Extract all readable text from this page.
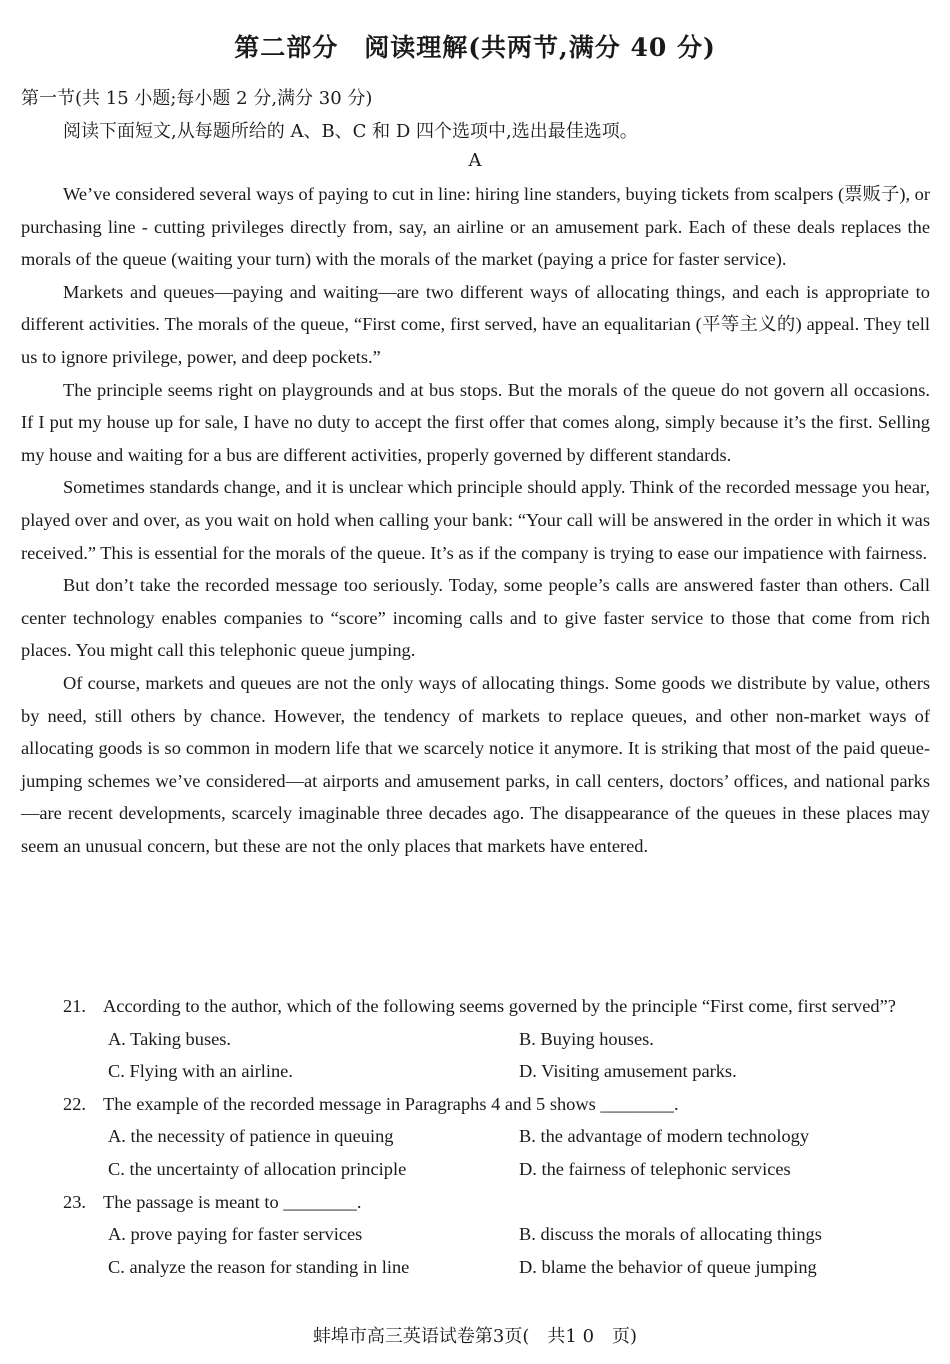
第二部分　阅读理解(共两节,满分 40 分)
第一节(共 15 小题;每小题 2 分,满分 30 分)
阅读下面短文,从每题所给的 A、B、C 和 D 四个选项中,选出最佳选项。
A

We’ve considered several ways of paying to cut in line: hiring line standers, buying tickets from scalpers (票贩子), or purchasing line - cutting privileges directly from, say, an airline or an amusement park. Each of these deals replaces the morals of the queue (waiting your turn) with the morals of the market (paying a price for faster service).

Markets and queues—paying and waiting—are two different ways of allocating things, and each is appropriate to different activities. The morals of the queue, “First come, first served, have an equalitarian (平等主义的) appeal. They tell us to ignore privilege, power, and deep pockets.”

The principle seems right on playgrounds and at bus stops. But the morals of the queue do not govern all occasions. If I put my house up for sale, I have no duty to accept the first offer that comes along, simply because it’s the first. Selling my house and waiting for a bus are different activities, properly governed by different standards.

Sometimes standards change, and it is unclear which principle should apply. Think of the recorded message you hear, played over and over, as you wait on hold when calling your bank: “Your call will be answered in the order in which it was received.” This is essential for the morals of the queue. It’s as if the company is trying to ease our impatience with fairness.

But don’t take the recorded message too seriously. Today, some people’s calls are answered faster than others. Call center technology enables companies to “score” incoming calls and to give faster service to those that come from rich places. You might call this telephonic queue jumping.

Of course, markets and queues are not the only ways of allocating things. Some goods we distribute by value, others by need, still others by chance. However, the tendency of markets to replace queues, and other non-market ways of allocating goods is so common in modern life that we scarcely notice it anymore. It is striking that most of the paid queue-jumping schemes we’ve considered—at airports and amusement parks, in call centers, doctors’ offices, and national parks—are recent developments, scarcely imaginable three decades ago. The disappearance of the queues in these places may seem an unusual concern, but these are not the only places that markets have entered.

21. According to the author, which of the following seems governed by the principle “First come, first served”?
A. Taking buses.	B. Buying houses.
C. Flying with an airline.	D. Visiting amusement parks.
22. The example of the recorded message in Paragraphs 4 and 5 shows ________.
A. the necessity of patience in queuing	B. the advantage of modern technology
C. the uncertainty of allocation principle	D. the fairness of telephonic services
23. The passage is meant to ________.
A. prove paying for faster services	B. discuss the morals of allocating things
C. analyze the reason for standing in line	D. blame the behavior of queue jumping
蚌埠市高三英语试卷第3页(　共1 0　页)
